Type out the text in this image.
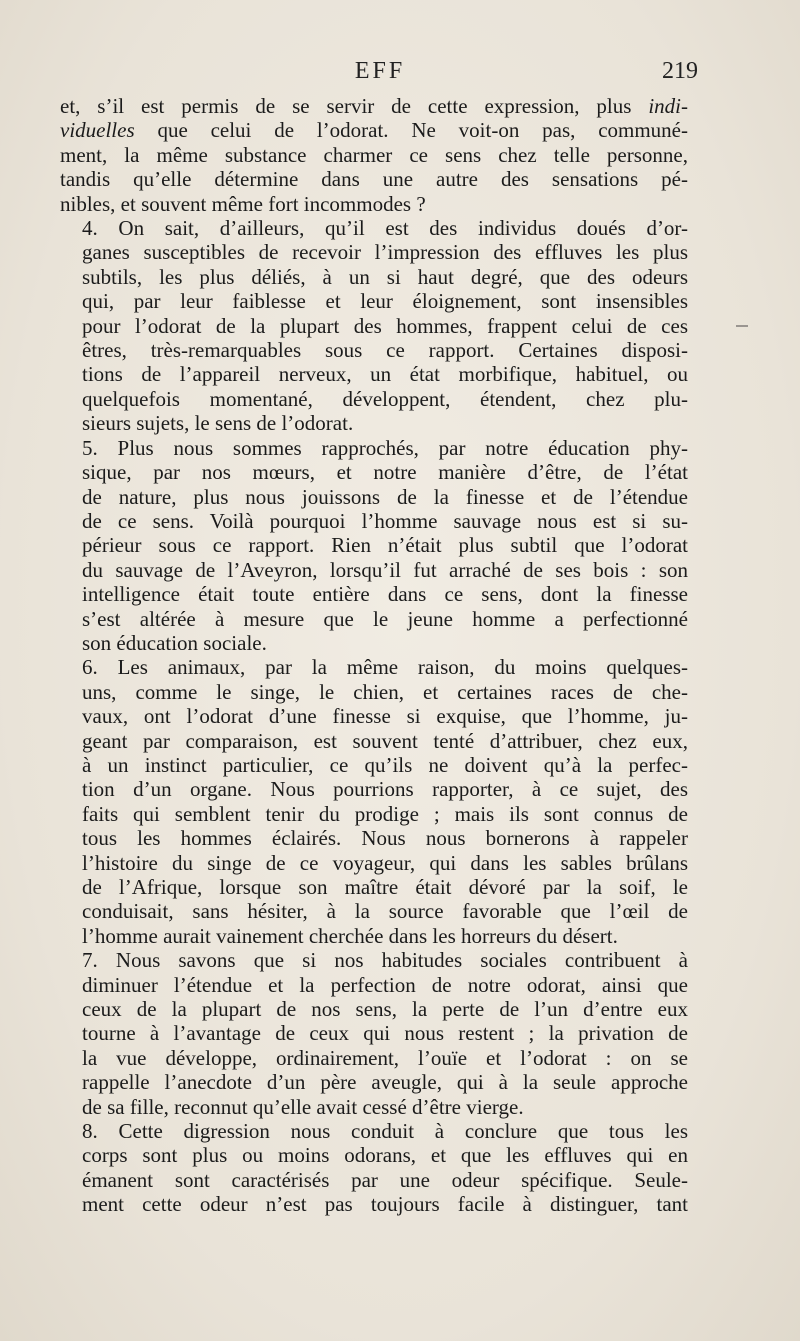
EFF	219

et, s’il est permis de se servir de cette expression, plus indi-
viduelles que celui de l’odorat. Ne voit-on pas, communé-
ment, la même substance charmer ce sens chez telle personne,
tandis qu’elle détermine dans une autre des sensations pé-
nibles, et souvent même fort incommodes ?

4. On sait, d’ailleurs, qu’il est des individus doués d’or-
ganes susceptibles de recevoir l’impression des effluves les plus
subtils, les plus déliés, à un si haut degré, que des odeurs
qui, par leur faiblesse et leur éloignement, sont insensibles
pour l’odorat de la plupart des hommes, frappent celui de ces
êtres, très-remarquables sous ce rapport. Certaines disposi-
tions de l’appareil nerveux, un état morbifique, habituel, ou
quelquefois momentané, développent, étendent, chez plu-
sieurs sujets, le sens de l’odorat.

5. Plus nous sommes rapprochés, par notre éducation phy-
sique, par nos mœurs, et notre manière d’être, de l’état
de nature, plus nous jouissons de la finesse et de l’étendue
de ce sens. Voilà pourquoi l’homme sauvage nous est si su-
périeur sous ce rapport. Rien n’était plus subtil que l’odorat
du sauvage de l’Aveyron, lorsqu’il fut arraché de ses bois : son
intelligence était toute entière dans ce sens, dont la finesse
s’est altérée à mesure que le jeune homme a perfectionné
son éducation sociale.

6. Les animaux, par la même raison, du moins quelques-
uns, comme le singe, le chien, et certaines races de che-
vaux, ont l’odorat d’une finesse si exquise, que l’homme, ju-
geant par comparaison, est souvent tenté d’attribuer, chez eux,
à un instinct particulier, ce qu’ils ne doivent qu’à la perfec-
tion d’un organe. Nous pourrions rapporter, à ce sujet, des
faits qui semblent tenir du prodige ; mais ils sont connus de
tous les hommes éclairés. Nous nous bornerons à rappeler
l’histoire du singe de ce voyageur, qui dans les sables brûlans
de l’Afrique, lorsque son maître était dévoré par la soif, le
conduisait, sans hésiter, à la source favorable que l’œil de
l’homme aurait vainement cherchée dans les horreurs du désert.

7. Nous savons que si nos habitudes sociales contribuent à
diminuer l’étendue et la perfection de notre odorat, ainsi que
ceux de la plupart de nos sens, la perte de l’un d’entre eux
tourne à l’avantage de ceux qui nous restent ; la privation de
la vue développe, ordinairement, l’ouïe et l’odorat : on se
rappelle l’anecdote d’un père aveugle, qui à la seule approche
de sa fille, reconnut qu’elle avait cessé d’être vierge.

8. Cette digression nous conduit à conclure que tous les
corps sont plus ou moins odorans, et que les effluves qui en
émanent sont caractérisés par une odeur spécifique. Seule-
ment cette odeur n’est pas toujours facile à distinguer, tant
